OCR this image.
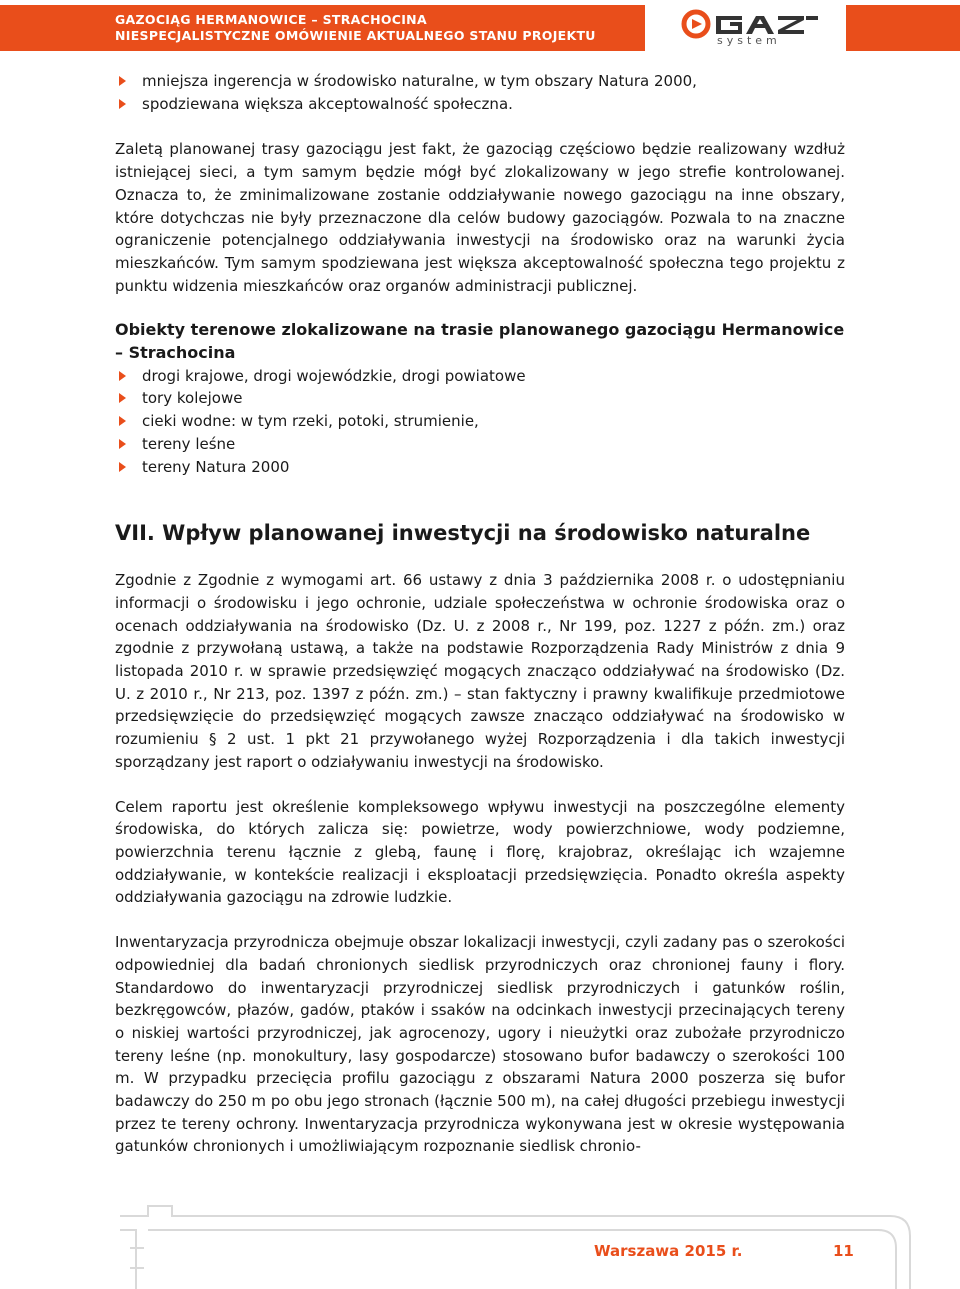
GAZOCIĄG HERMANOWICE – STRACHOCINA
NIESPECJALISTYCZNE OMÓWIENIE AKTUALNEGO STANU PROJEKTU	system
mniejsza ingerencja w środowisko naturalne, w tym obszary Natura 2000,
spodziewana większa akceptowalność społeczna.

Zaletą planowanej trasy gazociągu jest fakt, że gazociąg częściowo będzie realizowany wzdłuż istniejącej sieci, a tym samym będzie mógł być zlokalizowany w jego strefie kontrolowanej. Oznacza to, że zminimalizowane zostanie oddziaływanie nowego gazociągu na inne obszary, które dotychczas nie były przeznaczone dla celów budowy gazociągów. Pozwala to na znaczne ograniczenie potencjalnego oddziaływania inwestycji na środowisko oraz na warunki życia mieszkańców. Tym samym spodziewana jest większa akceptowalność społeczna tego projektu z punktu widzenia mieszkańców oraz organów administracji publicznej.

Obiekty terenowe zlokalizowane na trasie planowanego gazociągu Hermanowice – Strachocina

drogi krajowe, drogi wojewódzkie, drogi powiatowe
tory kolejowe
cieki wodne: w tym rzeki, potoki, strumienie,
tereny leśne
tereny Natura 2000

VII. Wpływ planowanej inwestycji na środowisko naturalne

Zgodnie z Zgodnie z wymogami art. 66 ustawy z dnia 3 października 2008 r. o udostępnianiu informacji o środowisku i jego ochronie, udziale społeczeństwa w ochronie środowiska oraz o ocenach oddziaływania na środowisko (Dz. U. z 2008 r., Nr 199, poz. 1227 z późn. zm.) oraz zgodnie z przywołaną ustawą, a także na podstawie Rozporządzenia Rady Ministrów z dnia 9 listopada 2010 r. w sprawie przedsięwzięć mogących znacząco oddziaływać na środowisko (Dz. U. z 2010 r., Nr 213, poz. 1397 z późn. zm.) – stan faktyczny i prawny kwalifikuje przedmiotowe przedsięwzięcie do przedsięwzięć mogących zawsze znacząco oddziaływać na środowisko w rozumieniu § 2 ust. 1 pkt 21 przywołanego wyżej Rozporządzenia i dla takich inwestycji sporządzany jest raport o odziaływaniu inwestycji na środowisko.

Celem raportu jest określenie kompleksowego wpływu inwestycji na poszczególne elementy środowiska, do których zalicza się: powietrze, wody powierzchniowe, wody podziemne, powierzchnia terenu łącznie z glebą, faunę i florę, krajobraz, określając ich wzajemne oddziaływanie, w kontekście realizacji i eksploatacji przedsięwzięcia. Ponadto określa aspekty oddziaływania gazociągu na zdrowie ludzkie.

Inwentaryzacja przyrodnicza obejmuje obszar lokalizacji inwestycji, czyli zadany pas o szerokości odpowiedniej dla badań chronionych siedlisk przyrodniczych oraz chronionej fauny i flory. Standardowo do inwentaryzacji przyrodniczej siedlisk przyrodniczych i gatunków roślin, bezkręgowców, płazów, gadów, ptaków i ssaków na odcinkach inwestycji przecinających tereny o niskiej wartości przyrodniczej, jak agrocenozy, ugory i nieużytki oraz zubożałe przyrodniczo tereny leśne (np. monokultury, lasy gospodarcze) stosowano bufor badawczy o szerokości 100 m. W przypadku przecięcia profilu gazociągu z obszarami Natura 2000 poszerza się bufor badawczy do 250 m po obu jego stronach (łącznie 500 m), na całej długości przebiegu inwestycji przez te tereny ochrony. Inwentaryzacja przyrodnicza wykonywana jest w okresie występowania gatunków chronionych i umożliwiającym rozpoznanie siedlisk chronio-

Warszawa 2015 r.	11
